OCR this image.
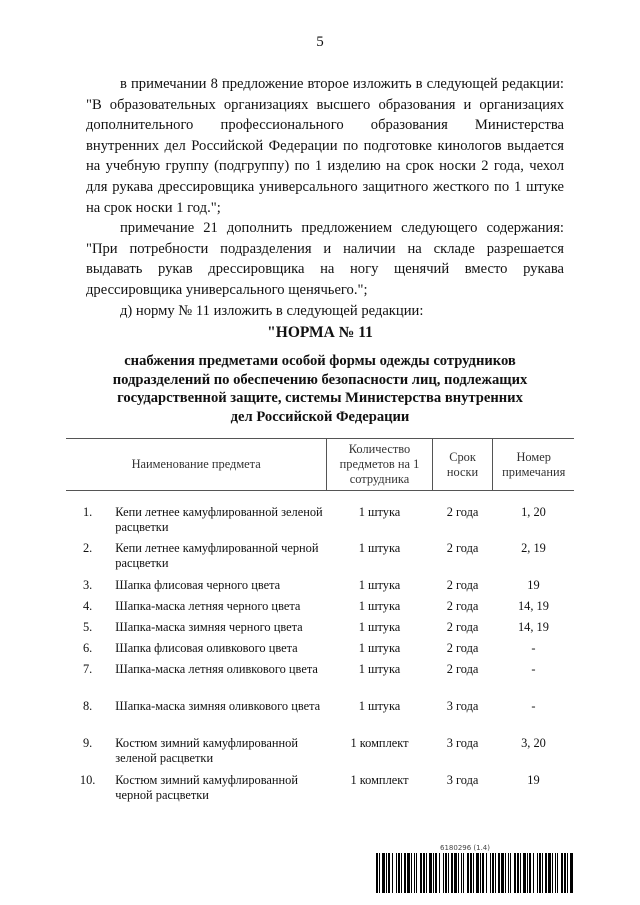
5

в примечании 8 предложение второе изложить в следующей редакции: "В образовательных организациях высшего образования и организациях дополнительного профессионального образования Министерства внутренних дел Российской Федерации по подготовке кинологов выдается на учебную группу (подгруппу) по 1 изделию на срок носки 2 года, чехол для рукава дрессировщика универсального защитного жесткого по 1 штуке на срок носки 1 год.";

примечание 21 дополнить предложением следующего содержания: "При потребности подразделения и наличии на складе разрешается выдавать рукав дрессировщика на ногу щенячий вместо рукава дрессировщика универсального щенячьего.";

д) норму № 11 изложить в следующей редакции:

"НОРМА № 11
снабжения предметами особой формы одежды сотрудников подразделений по обеспечению безопасности лиц, подлежащих государственной защите, системы Министерства внутренних дел Российской Федерации
Наименование предмета		Количество предметов на 1 сотрудника	Срок носки	Номер примечания

1.	Кепи летнее камуфлированной зеленой расцветки	1 штука	2 года	1, 20
2.	Кепи летнее камуфлированной черной расцветки	1 штука	2 года	2, 19
3.	Шапка флисовая черного цвета	1 штука	2 года	19
4.	Шапка-маска летняя черного цвета	1 штука	2 года	14, 19
5.	Шапка-маска зимняя черного цвета	1 штука	2 года	14, 19
6.	Шапка флисовая оливкового цвета	1 штука	2 года	-
7.	Шапка-маска летняя оливкового цвета	1 штука	2 года	-
8.	Шапка-маска зимняя оливкового цвета	1 штука	3 года	-
9.	Костюм зимний камуфлированной зеленой расцветки	1 комплект	3 года	3, 20
10.	Костюм зимний камуфлированной черной расцветки	1 комплект	3 года	19
6180296 (1.4)
